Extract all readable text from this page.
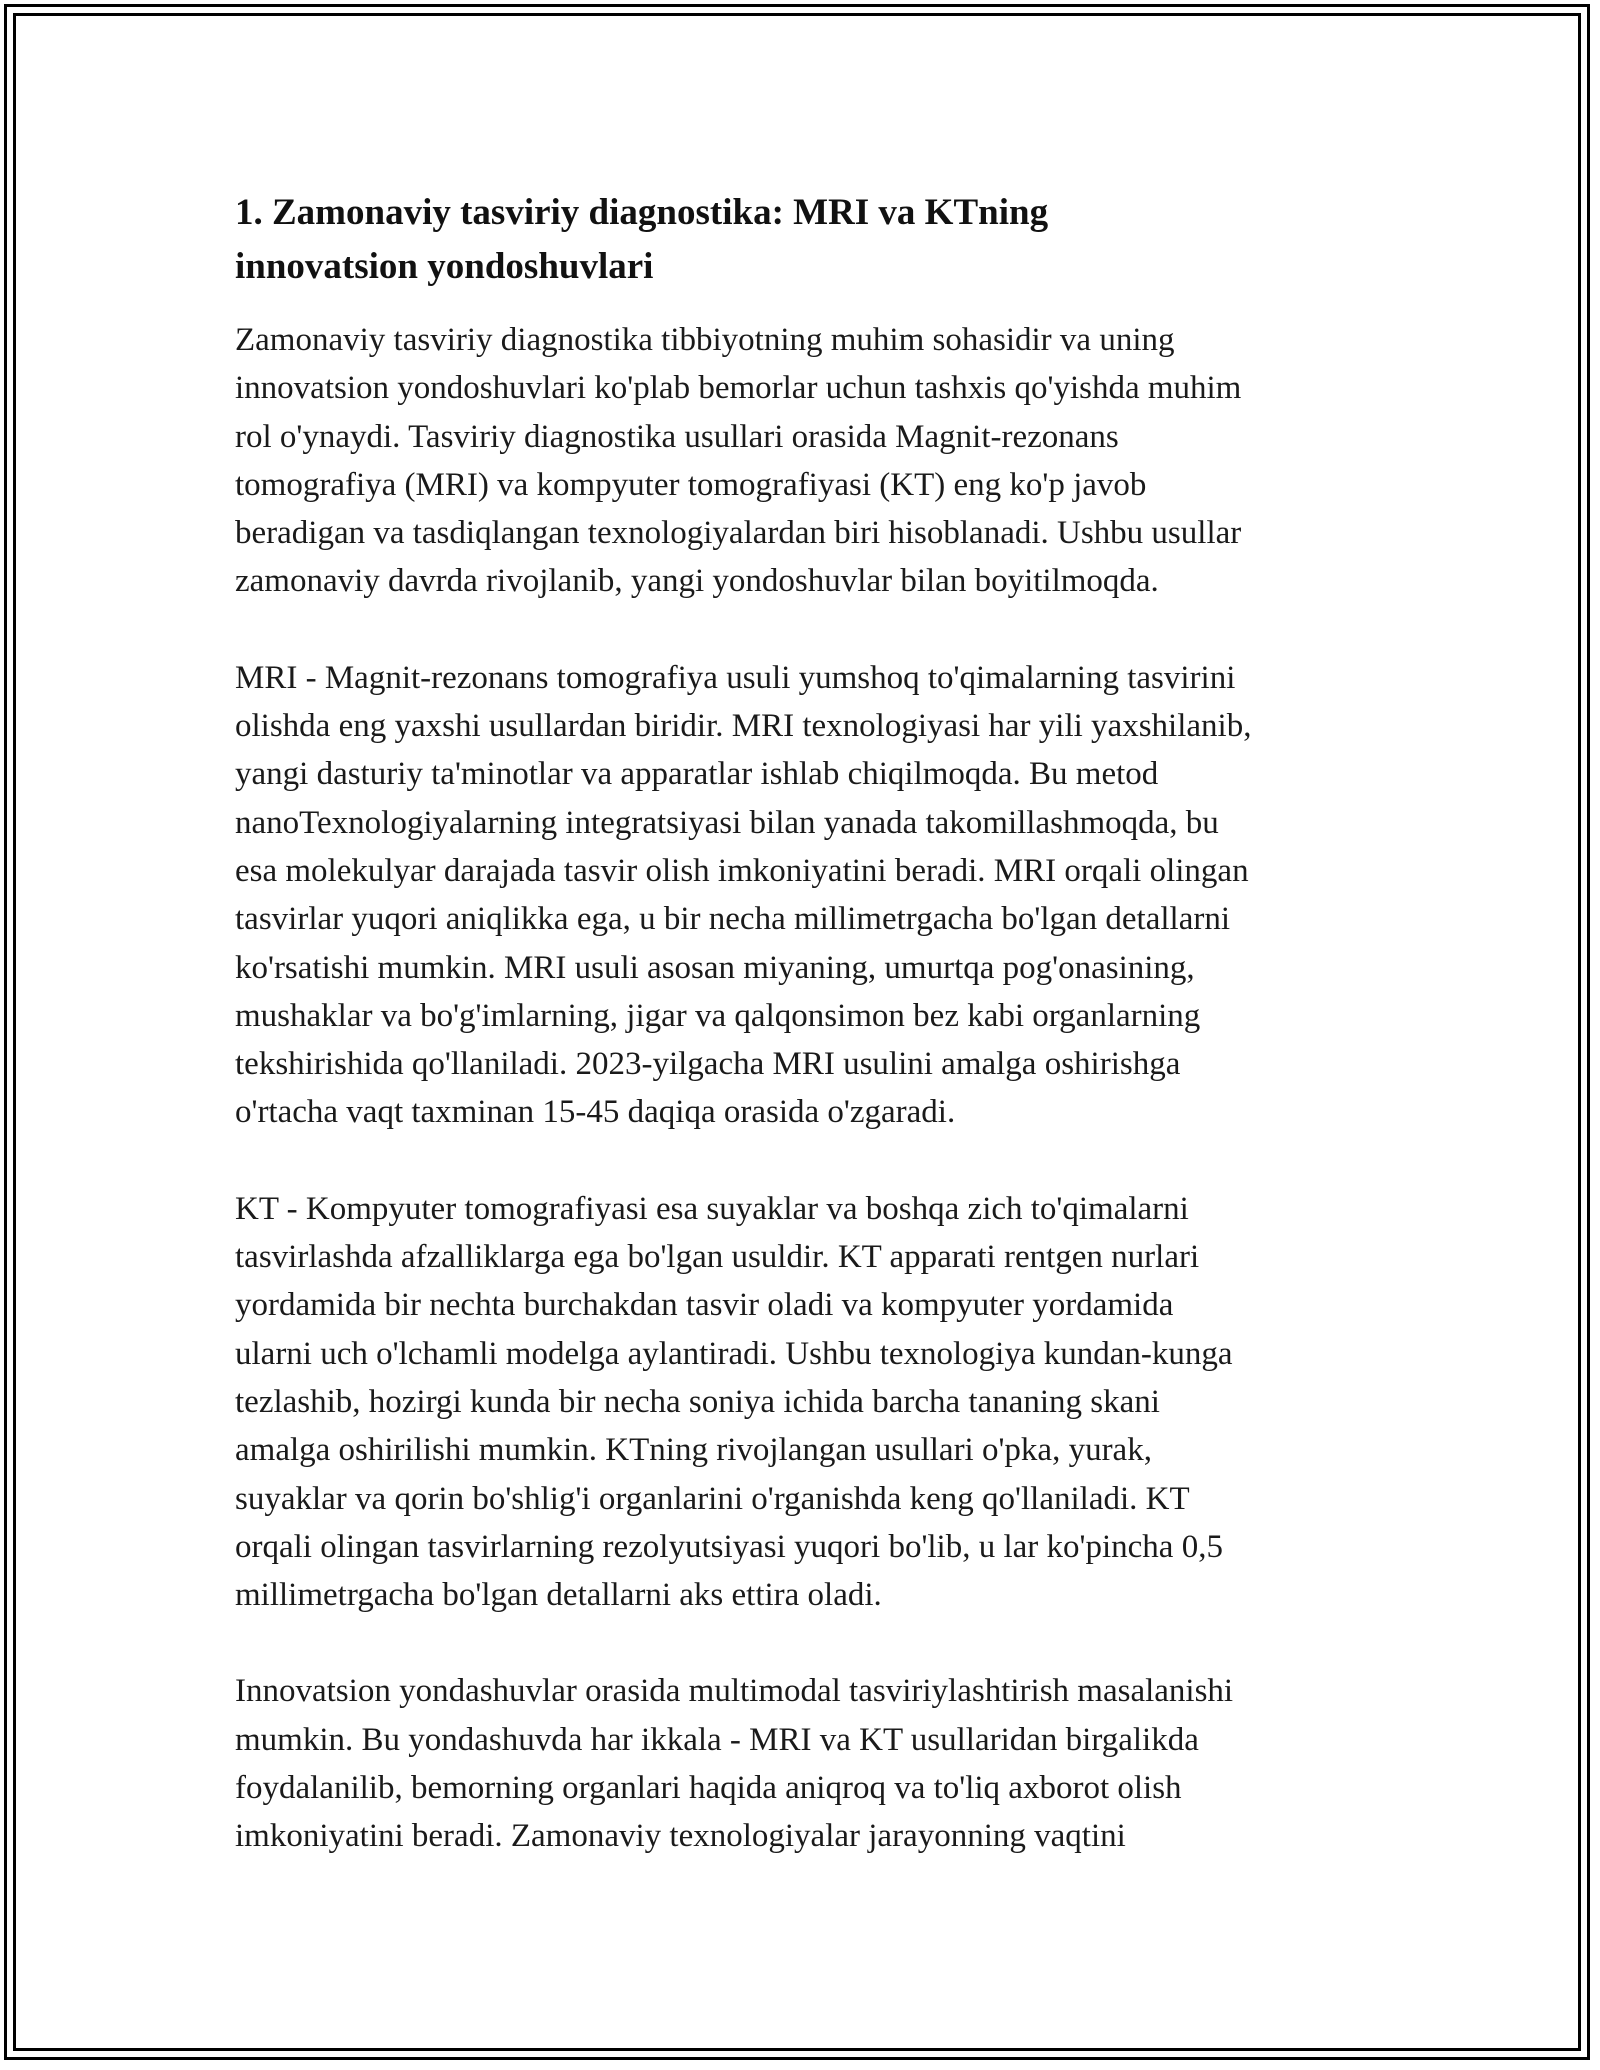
1. Zamonaviy tasviriy diagnostika: MRI va KTning
innovatsion yondoshuvlari

Zamonaviy tasviriy diagnostika tibbiyotning muhim sohasidir va uning
innovatsion yondoshuvlari ko'plab bemorlar uchun tashxis qo'yishda muhim
rol o'ynaydi. Tasviriy diagnostika usullari orasida Magnit-rezonans
tomografiya (MRI) va kompyuter tomografiyasi (KT) eng ko'p javob
beradigan va tasdiqlangan texnologiyalardan biri hisoblanadi. Ushbu usullar
zamonaviy davrda rivojlanib, yangi yondoshuvlar bilan boyitilmoqda.

MRI - Magnit-rezonans tomografiya usuli yumshoq to'qimalarning tasvirini
olishda eng yaxshi usullardan biridir. MRI texnologiyasi har yili yaxshilanib,
yangi dasturiy ta'minotlar va apparatlar ishlab chiqilmoqda. Bu metod
nanoTexnologiyalarning integratsiyasi bilan yanada takomillashmoqda, bu
esa molekulyar darajada tasvir olish imkoniyatini beradi. MRI orqali olingan
tasvirlar yuqori aniqlikka ega, u bir necha millimetrgacha bo'lgan detallarni
ko'rsatishi mumkin. MRI usuli asosan miyaning, umurtqa pog'onasining,
mushaklar va bo'g'imlarning, jigar va qalqonsimon bez kabi organlarning
tekshirishida qo'llaniladi. 2023-yilgacha MRI usulini amalga oshirishga
o'rtacha vaqt taxminan 15-45 daqiqa orasida o'zgaradi.

KT - Kompyuter tomografiyasi esa suyaklar va boshqa zich to'qimalarni
tasvirlashda afzalliklarga ega bo'lgan usuldir. KT apparati rentgen nurlari
yordamida bir nechta burchakdan tasvir oladi va kompyuter yordamida
ularni uch o'lchamli modelga aylantiradi. Ushbu texnologiya kundan-kunga
tezlashib, hozirgi kunda bir necha soniya ichida barcha tananing skani
amalga oshirilishi mumkin. KTning rivojlangan usullari o'pka, yurak,
suyaklar va qorin bo'shlig'i organlarini o'rganishda keng qo'llaniladi. KT
orqali olingan tasvirlarning rezolyutsiyasi yuqori bo'lib, u lar ko'pincha 0,5
millimetrgacha bo'lgan detallarni aks ettira oladi.

Innovatsion yondashuvlar orasida multimodal tasviriylashtirish masalanishi
mumkin. Bu yondashuvda har ikkala - MRI va KT usullaridan birgalikda
foydalanilib, bemorning organlari haqida aniqroq va to'liq axborot olish
imkoniyatini beradi. Zamonaviy texnologiyalar jarayonning vaqtini
